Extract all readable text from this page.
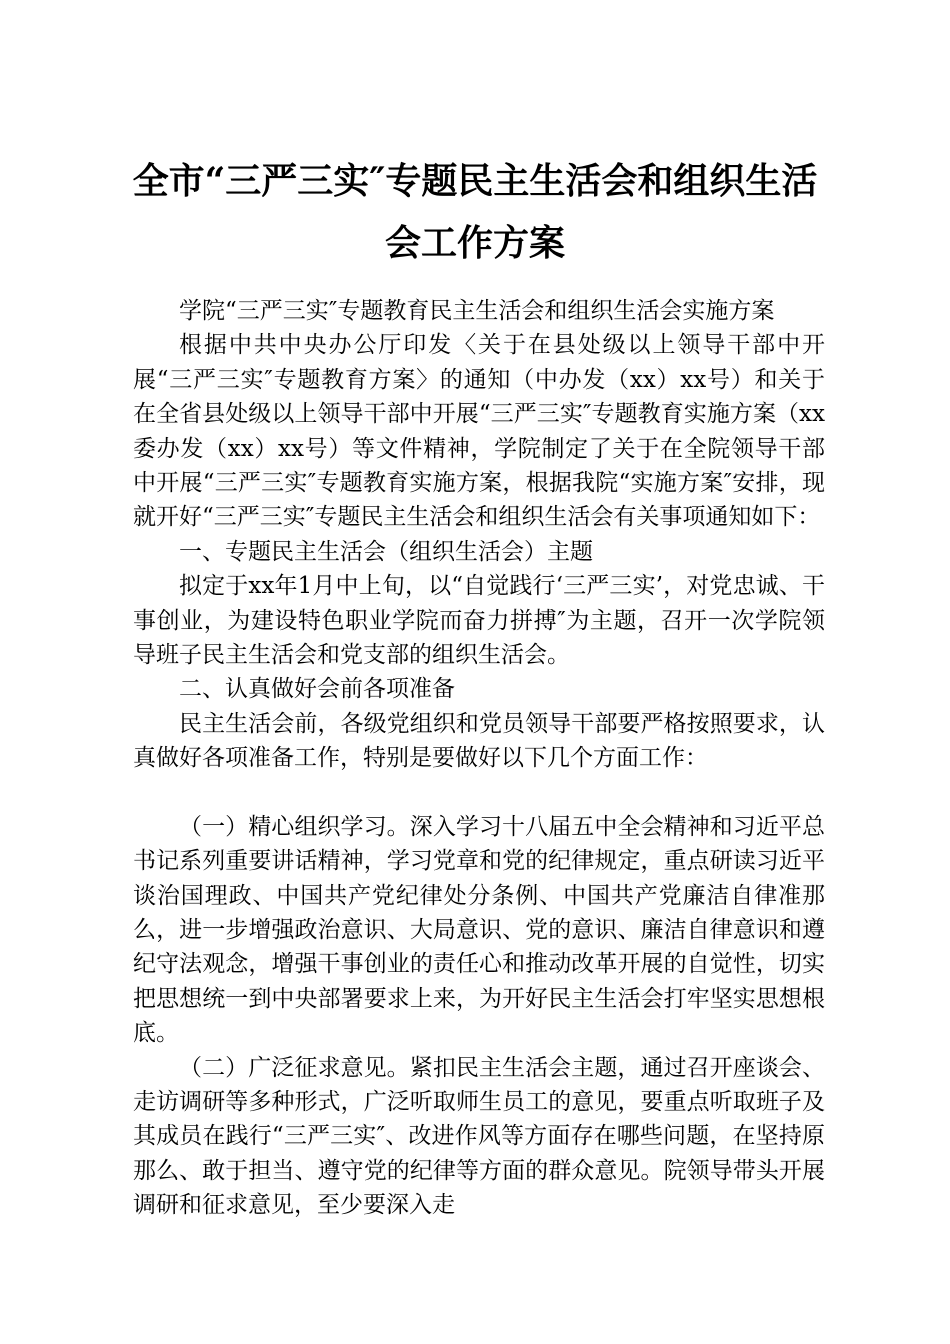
全市“三严三实″专题民主生活会和组织生活
会工作方案

学院“三严三实″专题教育民主生活会和组织生活会实施方案

根据中共中央办公厅印发〈关于在县处级以上领导干部中开展“三严三实″专题教育方案〉的通知（中办发（xx）xx号）和关于在全省县处级以上领导干部中开展“三严三实″专题教育实施方案（xx委办发（xx）xx号）等文件精神，学院制定了关于在全院领导干部中开展“三严三实″专题教育实施方案，根据我院“实施方案″安排，现就开好“三严三实″专题民主生活会和组织生活会有关事项通知如下：

一、专题民主生活会（组织生活会）主题

拟定于xx年1月中上旬，以“自觉践行‘三严三实’，对党忠诚、干事创业，为建设特色职业学院而奋力拼搏″为主题，召开一次学院领导班子民主生活会和党支部的组织生活会。

二、认真做好会前各项准备

民主生活会前，各级党组织和党员领导干部要严格按照要求，认真做好各项准备工作，特别是要做好以下几个方面工作：

（一）精心组织学习。深入学习十八届五中全会精神和习近平总书记系列重要讲话精神，学习党章和党的纪律规定，重点研读习近平谈治国理政、中国共产党纪律处分条例、中国共产党廉洁自律准那么，进一步增强政治意识、大局意识、党的意识、廉洁自律意识和遵纪守法观念，增强干事创业的责任心和推动改革开展的自觉性，切实把思想统一到中央部署要求上来，为开好民主生活会打牢坚实思想根底。

（二）广泛征求意见。紧扣民主生活会主题，通过召开座谈会、走访调研等多种形式，广泛听取师生员工的意见，要重点听取班子及其成员在践行“三严三实″、改进作风等方面存在哪些问题，在坚持原那么、敢于担当、遵守党的纪律等方面的群众意见。院领导带头开展调研和征求意见，至少要深入走
